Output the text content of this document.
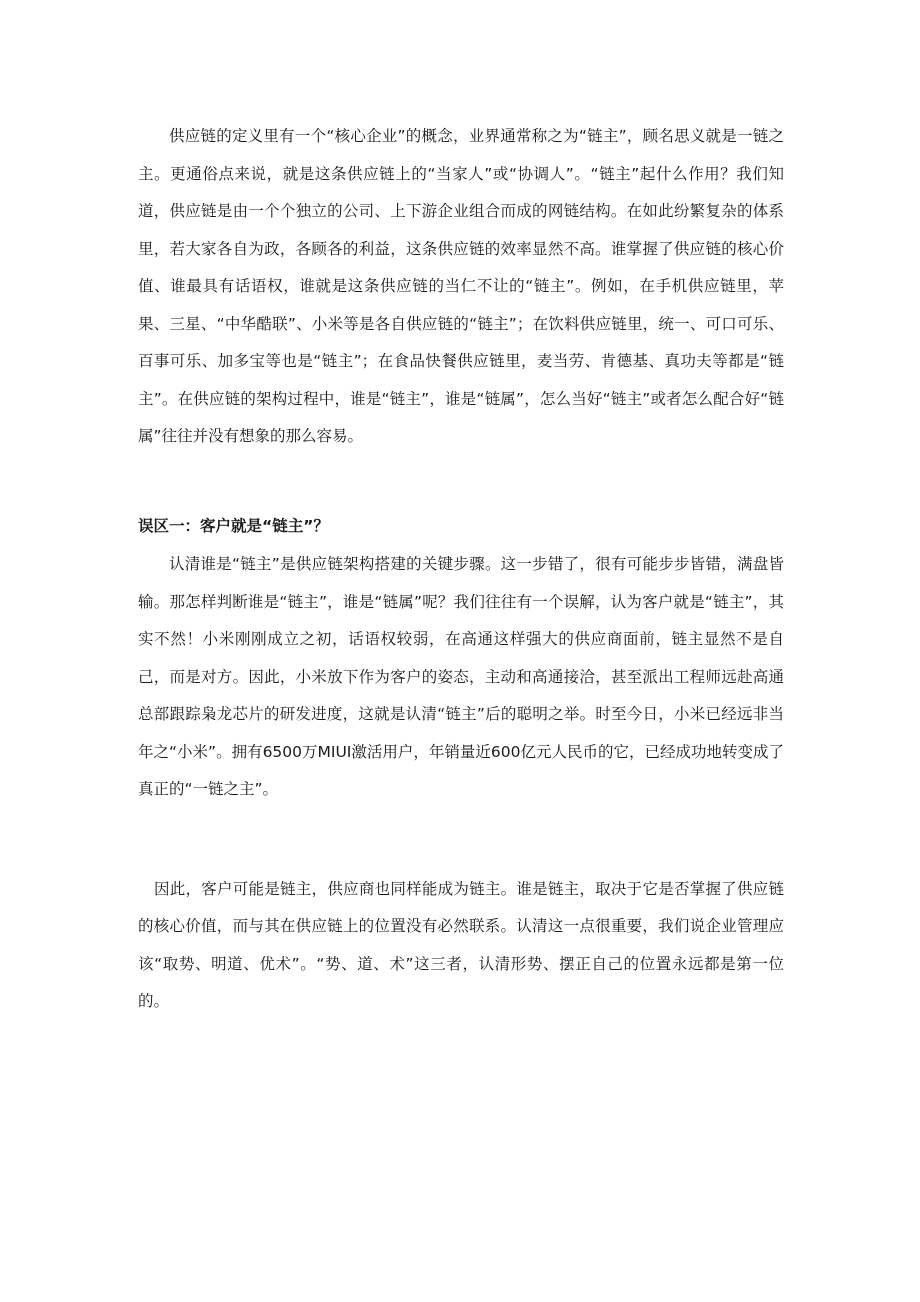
供应链的定义里有一个“核心企业”的概念，业界通常称之为“链主”，顾名思义就是一链之主。更通俗点来说，就是这条供应链上的“当家人”或“协调人”。“链主”起什么作用？我们知道，供应链是由一个个独立的公司、上下游企业组合而成的网链结构。在如此纷繁复杂的体系里，若大家各自为政，各顾各的利益，这条供应链的效率显然不高。谁掌握了供应链的核心价值、谁最具有话语权，谁就是这条供应链的当仁不让的“链主”。例如，在手机供应链里，苹果、三星、“中华酷联”、小米等是各自供应链的“链主”；在饮料供应链里，统一、可口可乐、百事可乐、加多宝等也是“链主”；在食品快餐供应链里，麦当劳、肯德基、真功夫等都是“链主”。在供应链的架构过程中，谁是“链主”，谁是“链属”，怎么当好“链主”或者怎么配合好“链属”往往并没有想象的那么容易。

误区一：客户就是“链主”？

认清谁是“链主”是供应链架构搭建的关键步骤。这一步错了，很有可能步步皆错，满盘皆输。那怎样判断谁是“链主”，谁是“链属”呢？我们往往有一个误解，认为客户就是“链主”，其实不然！小米刚刚成立之初，话语权较弱，在高通这样强大的供应商面前，链主显然不是自己，而是对方。因此，小米放下作为客户的姿态，主动和高通接洽，甚至派出工程师远赴高通总部跟踪枭龙芯片的研发进度，这就是认清“链主”后的聪明之举。时至今日，小米已经远非当年之“小米”。拥有6500万MIUI激活用户，年销量近600亿元人民币的它，已经成功地转变成了真正的“一链之主”。

因此，客户可能是链主，供应商也同样能成为链主。谁是链主，取决于它是否掌握了供应链的核心价值，而与其在供应链上的位置没有必然联系。认清这一点很重要，我们说企业管理应该“取势、明道、优术”。“势、道、术”这三者，认清形势、摆正自己的位置永远都是第一位的。
